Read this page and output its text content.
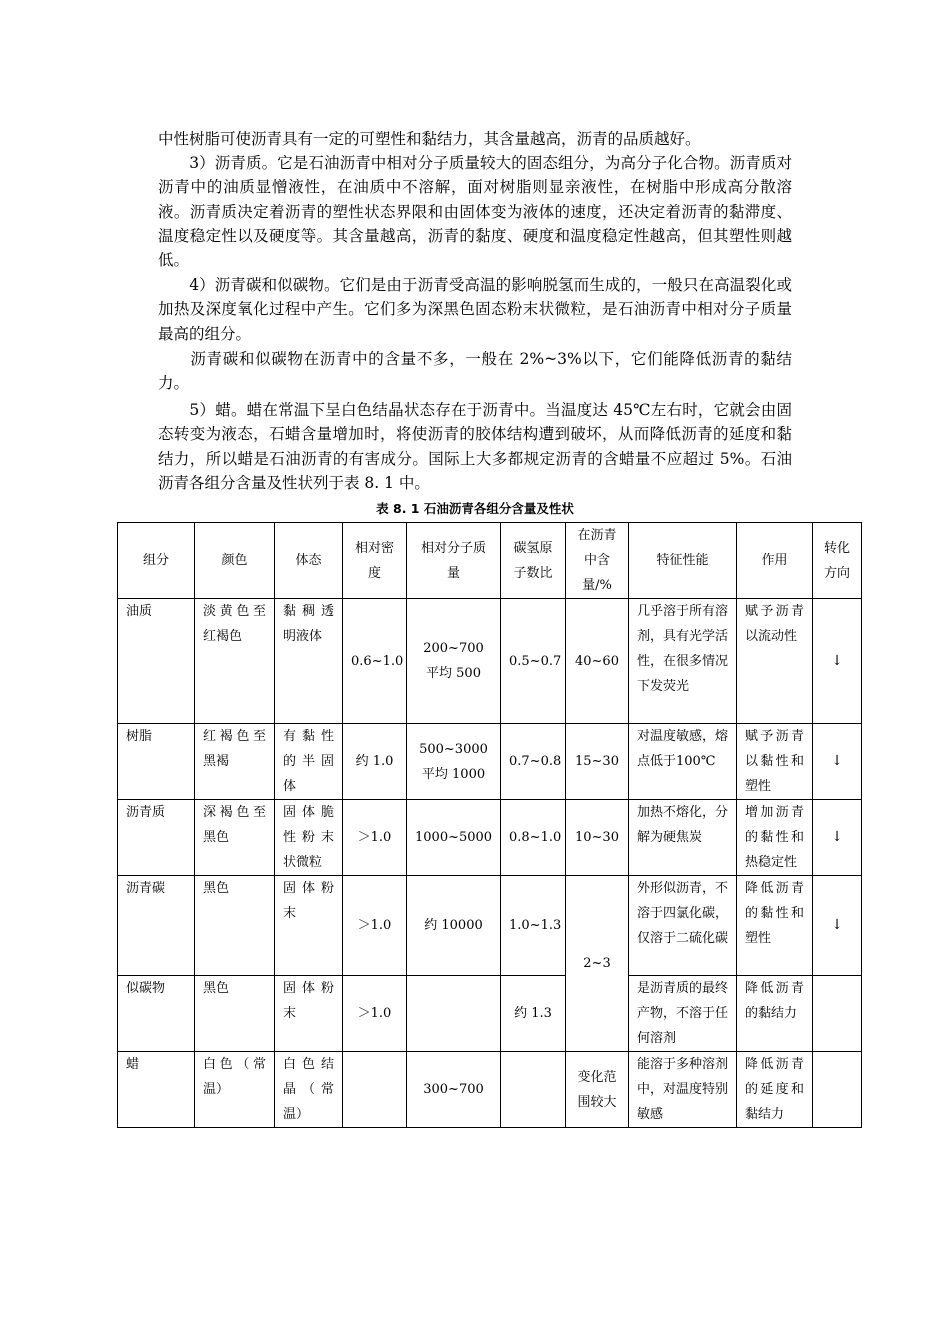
中性树脂可使沥青具有一定的可塑性和黏结力，其含量越高，沥青的品质越好。

　　3）沥青质。它是石油沥青中相对分子质量较大的固态组分，为高分子化合物。沥青质对沥青中的油质显憎液性，在油质中不溶解，面对树脂则显亲液性，在树脂中形成高分散溶液。沥青质决定着沥青的塑性状态界限和由固体变为液体的速度，还决定着沥青的黏滞度、温度稳定性以及硬度等。其含量越高，沥青的黏度、硬度和温度稳定性越高，但其塑性则越低。

　　4）沥青碳和似碳物。它们是由于沥青受高温的影响脱氢而生成的，一般只在高温裂化或加热及深度氧化过程中产生。它们多为深黑色固态粉末状微粒，是石油沥青中相对分子质量最高的组分。

　　沥青碳和似碳物在沥青中的含量不多，一般在 2%~3%以下，它们能降低沥青的黏结力。

　　5）蜡。蜡在常温下呈白色结晶状态存在于沥青中。当温度达 45℃左右时，它就会由固态转变为液态，石蜡含量增加时，将使沥青的胶体结构遭到破坏，从而降低沥青的延度和黏结力，所以蜡是石油沥青的有害成分。国际上大多都规定沥青的含蜡量不应超过 5%。石油沥青各组分含量及性状列于表 8. 1 中。

表 8. 1 石油沥青各组分含量及性状
组分	颜色	体态	相对密度	相对分子质量	碳氢原子数比	在沥青中含量/%	特征性能	作用	转化方向
油质	淡黄色至红褐色	黏稠透明液体	0.6~1.0	200~700 平均 500	0.5~0.7	40~60	几乎溶于所有溶剂，具有光学活性，在很多情况下发荧光	赋予沥青以流动性	↓
树脂	红褐色至黑褐	有黏性的半固体	约 1.0	500~3000 平均 1000	0.7~0.8	15~30	对温度敏感，熔点低于100℃	赋予沥青以黏性和塑性	↓
沥青质	深褐色至黑色	固体脆性粉末状微粒	＞1.0	1000~5000	0.8~1.0	10~30	加热不熔化，分解为硬焦炭	增加沥青的黏性和热稳定性	↓
沥青碳	黑色	固体粉末	＞1.0	约 10000	1.0~1.3	2~3	外形似沥青，不溶于四氯化碳，仅溶于二硫化碳	降低沥青的黏性和塑性	↓
似碳物	黑色	固体粉末	＞1.0		约 1.3		是沥青质的最终产物，不溶于任何溶剂	降低沥青的黏结力	
蜡	白色（常温）	白色结晶（常温）		300~700		变化范围较大	能溶于多种溶剂中，对温度特别敏感	降低沥青的延度和黏结力	
